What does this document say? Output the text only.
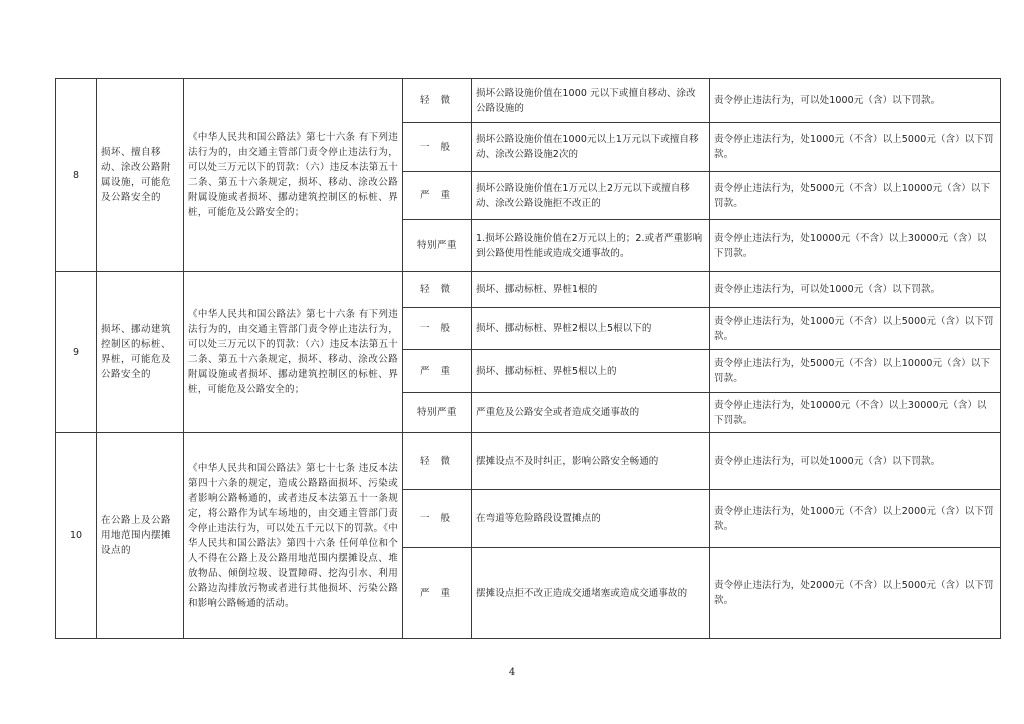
8	损坏、擅自移动、涂改公路附属设施，可能危及公路安全的	《中华人民共和国公路法》第七十六条 有下列违法行为的，由交通主管部门责令停止违法行为，可以处三万元以下的罚款：（六）违反本法第五十二条、第五十六条规定，损坏、移动、涂改公路附属设施或者损坏、挪动建筑控制区的标桩、界桩，可能危及公路安全的；	轻 微	损坏公路设施价值在1000 元以下或擅自移动、涂改公路设施的	责令停止违法行为，可以处1000元（含）以下罚款。
			一 般	损坏公路设施价值在1000元以上1万元以下或擅自移动、涂改公路设施2次的	责令停止违法行为，处1000元（不含）以上5000元（含）以下罚款。
			严 重	损坏公路设施价值在1万元以上2万元以下或擅自移动、涂改公路设施拒不改正的	责令停止违法行为，处5000元（不含）以上10000元（含）以下罚款。
			特别严重	1.损坏公路设施价值在2万元以上的；2.或者严重影响到公路使用性能或造成交通事故的。	责令停止违法行为，处10000元（不含）以上30000元（含）以下罚款。
9	损坏、挪动建筑控制区的标桩、界桩，可能危及公路安全的	《中华人民共和国公路法》第七十六条 有下列违法行为的，由交通主管部门责令停止违法行为，可以处三万元以下的罚款：（六）违反本法第五十二条、第五十六条规定，损坏、移动、涂改公路附属设施或者损坏、挪动建筑控制区的标桩、界桩，可能危及公路安全的；	轻 微	损坏、挪动标桩、界桩1根的	责令停止违法行为，可以处1000元（含）以下罚款。
			一 般	损坏、挪动标桩、界桩2根以上5根以下的	责令停止违法行为，处1000元（不含）以上5000元（含）以下罚款。
			严 重	损坏、挪动标桩、界桩5根以上的	责令停止违法行为，处5000元（不含）以上10000元（含）以下罚款。
			特别严重	严重危及公路安全或者造成交通事故的	责令停止违法行为，处10000元（不含）以上30000元（含）以下罚款。
10	在公路上及公路用地范围内摆摊设点的	《中华人民共和国公路法》第七十七条 违反本法第四十六条的规定，造成公路路面损坏、污染或者影响公路畅通的，或者违反本法第五十一条规定，将公路作为试车场地的，由交通主管部门责令停止违法行为，可以处五千元以下的罚款。《中华人民共和国公路法》第四十六条 任何单位和个人不得在公路上及公路用地范围内摆摊设点、堆放物品、倾倒垃圾、设置障碍、挖沟引水、利用公路边沟排放污物或者进行其他损坏、污染公路和影响公路畅通的活动。	轻 微	摆摊设点不及时纠正，影响公路安全畅通的	责令停止违法行为，可以处1000元（含）以下罚款。
			一 般	在弯道等危险路段设置摊点的	责令停止违法行为，处1000元（不含）以上2000元（含）以下罚款。
			严 重	摆摊设点拒不改正造成交通堵塞或造成交通事故的	责令停止违法行为，处2000元（不含）以上5000元（含）以下罚款。
4
